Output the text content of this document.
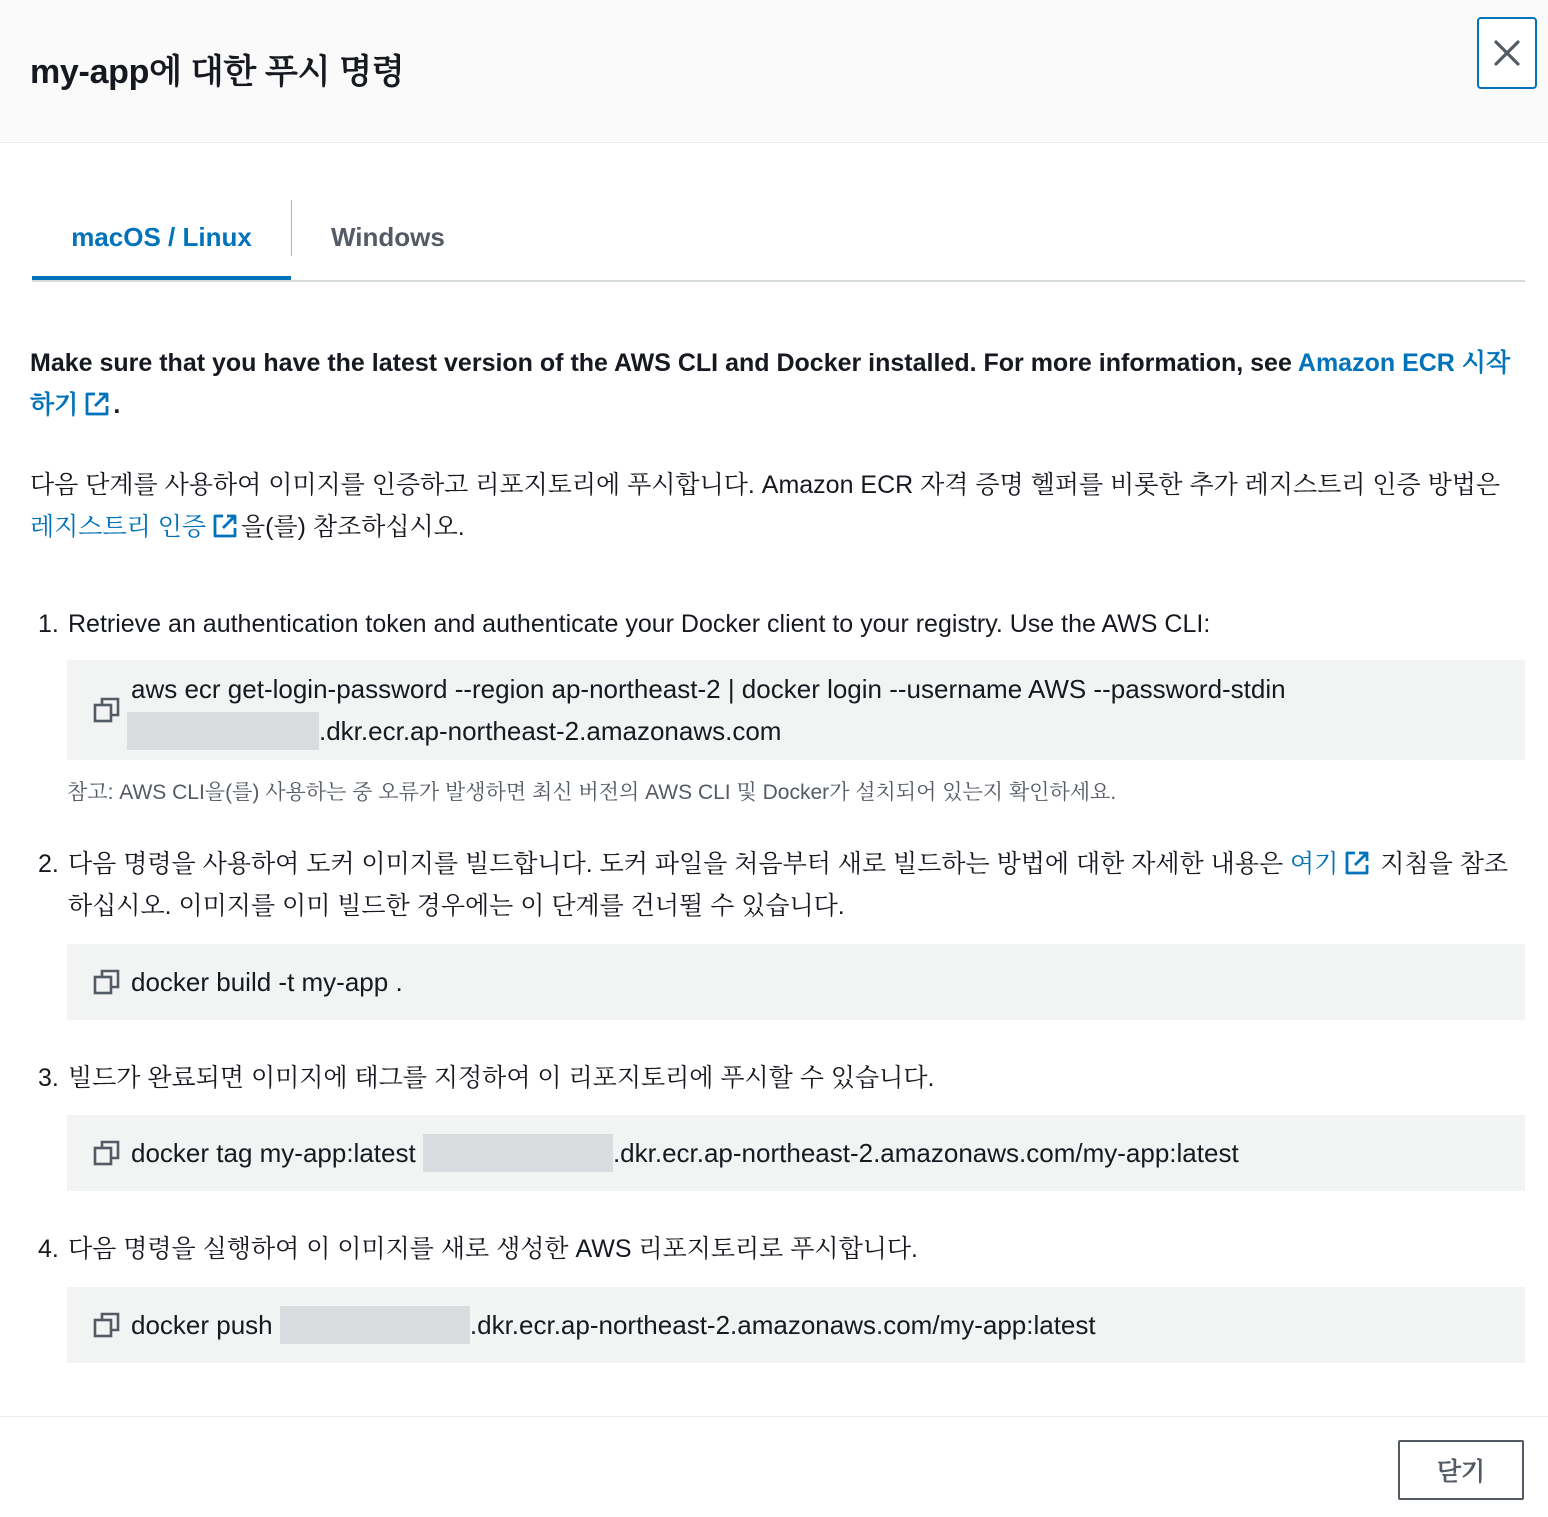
my-app에 대한 푸시 명령
macOS / Linux	Windows
Make sure that you have the latest version of the AWS CLI and Docker installed. For more information, see Amazon ECR 시작하기 .
다음 단계를 사용하여 이미지를 인증하고 리포지토리에 푸시합니다. Amazon ECR 자격 증명 헬퍼를 비롯한 추가 레지스트리 인증 방법은 레지스트리 인증 을(를) 참조하십시오.
1. Retrieve an authentication token and authenticate your Docker client to your registry. Use the AWS CLI:
aws ecr get-login-password --region ap-northeast-2 | docker login --username AWS --password-stdin
.dkr.ecr.ap-northeast-2.amazonaws.com
참고: AWS CLI을(를) 사용하는 중 오류가 발생하면 최신 버전의 AWS CLI 및 Docker가 설치되어 있는지 확인하세요.
2. 다음 명령을 사용하여 도커 이미지를 빌드합니다. 도커 파일을 처음부터 새로 빌드하는 방법에 대한 자세한 내용은 여기 지침을 참조하십시오. 이미지를 이미 빌드한 경우에는 이 단계를 건너뛸 수 있습니다.
docker build -t my-app .
3. 빌드가 완료되면 이미지에 태그를 지정하여 이 리포지토리에 푸시할 수 있습니다.
docker tag my-app:latest	.dkr.ecr.ap-northeast-2.amazonaws.com/my-app:latest
4. 다음 명령을 실행하여 이 이미지를 새로 생성한 AWS 리포지토리로 푸시합니다.
docker push	.dkr.ecr.ap-northeast-2.amazonaws.com/my-app:latest
닫기
